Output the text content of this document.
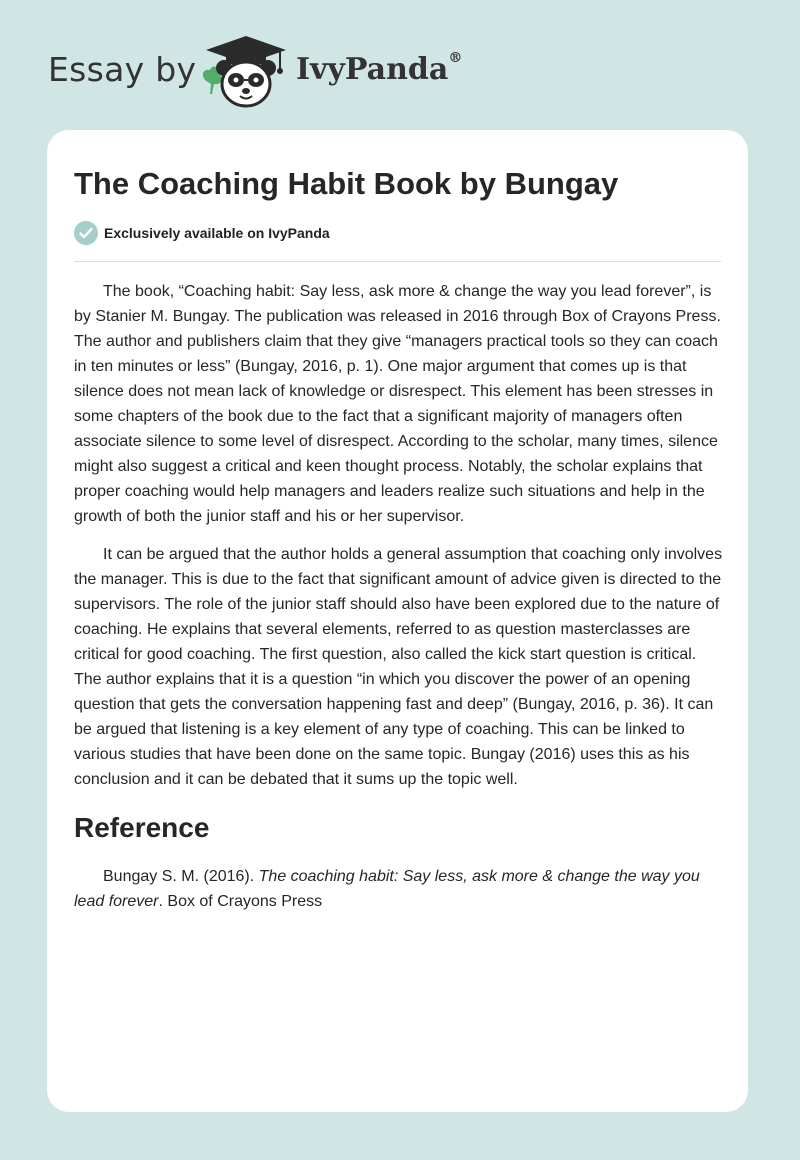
Essay by	IvyPanda®
The Coaching Habit Book by Bungay
Exclusively available on IvyPanda

The book, “Coaching habit: Say less, ask more & change the way you lead forever”, is by Stanier M. Bungay. The publication was released in 2016 through Box of Crayons Press. The author and publishers claim that they give “managers practical tools so they can coach in ten minutes or less” (Bungay, 2016, p. 1). One major argument that comes up is that silence does not mean lack of knowledge or disrespect. This element has been stresses in some chapters of the book due to the fact that a significant majority of managers often associate silence to some level of disrespect. According to the scholar, many times, silence might also suggest a critical and keen thought process. Notably, the scholar explains that proper coaching would help managers and leaders realize such situations and help in the growth of both the junior staff and his or her supervisor.

It can be argued that the author holds a general assumption that coaching only involves the manager. This is due to the fact that significant amount of advice given is directed to the supervisors. The role of the junior staff should also have been explored due to the nature of coaching. He explains that several elements, referred to as question masterclasses are critical for good coaching. The first question, also called the kick start question is critical. The author explains that it is a question “in which you discover the power of an opening question that gets the conversation happening fast and deep” (Bungay, 2016, p. 36). It can be argued that listening is a key element of any type of coaching. This can be linked to various studies that have been done on the same topic. Bungay (2016) uses this as his conclusion and it can be debated that it sums up the topic well.

Reference

Bungay S. M. (2016). The coaching habit: Say less, ask more & change the way you lead forever. Box of Crayons Press
